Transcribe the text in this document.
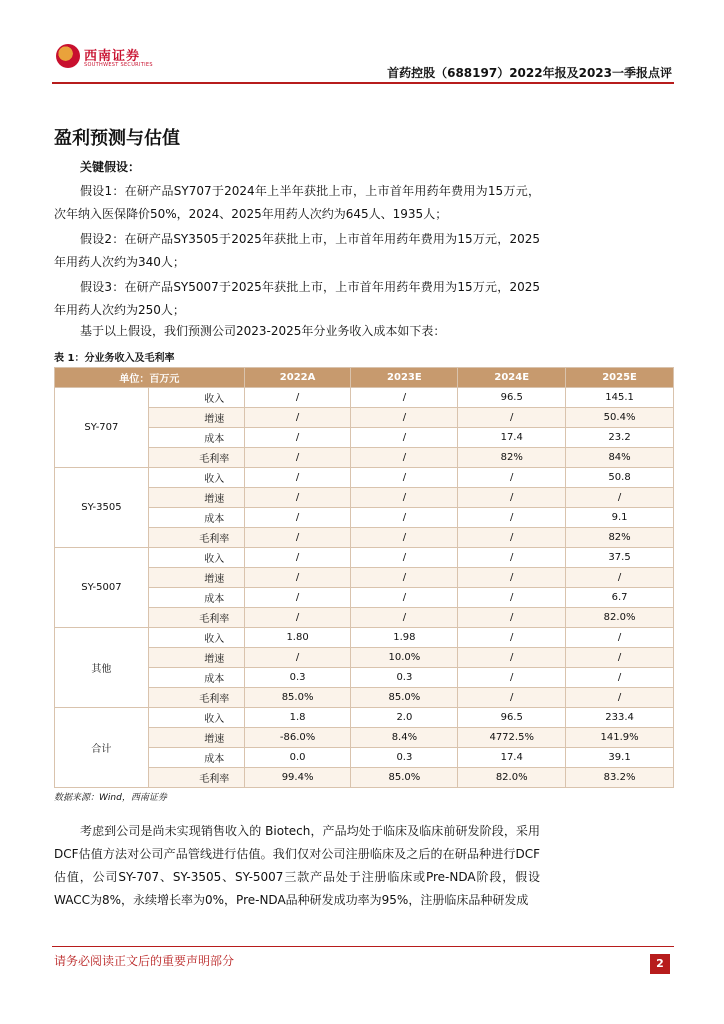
西南证券
SOUTHWEST SECURITIES
首药控股（688197）2022年报及2023一季报点评
盈利预测与估值
关键假设：
假设1：在研产品SY707于2024年上半年获批上市，上市首年用药年费用为15万元，次年纳入医保降价50%，2024、2025年用药人次约为645人、1935人；
假设2：在研产品SY3505于2025年获批上市，上市首年用药年费用为15万元，2025年用药人次约为340人；
假设3：在研产品SY5007于2025年获批上市，上市首年用药年费用为15万元，2025年用药人次约为250人；
基于以上假设，我们预测公司2023-2025年分业务收入成本如下表：
表 1：分业务收入及毛利率
单位：百万元		2022A	2023E	2024E	2025E
SY-707	收入	/	/	96.5	145.1
	增速	/	/	/	50.4%
	成本	/	/	17.4	23.2
	毛利率	/	/	82%	84%
SY-3505	收入	/	/	/	50.8
	增速	/	/	/	/
	成本	/	/	/	9.1
	毛利率	/	/	/	82%
SY-5007	收入	/	/	/	37.5
	增速	/	/	/	/
	成本	/	/	/	6.7
	毛利率	/	/	/	82.0%
其他	收入	1.80	1.98	/	/
	增速	/	10.0%	/	/
	成本	0.3	0.3	/	/
	毛利率	85.0%	85.0%	/	/
合计	收入	1.8	2.0	96.5	233.4
	增速	-86.0%	8.4%	4772.5%	141.9%
	成本	0.0	0.3	17.4	39.1
	毛利率	99.4%	85.0%	82.0%	83.2%
数据来源：Wind，西南证券
考虑到公司是尚未实现销售收入的 Biotech，产品均处于临床及临床前研发阶段，采用DCF估值方法对公司产品管线进行估值。我们仅对公司注册临床及之后的在研品种进行DCF估值，公司SY-707、SY-3505、SY-5007三款产品处于注册临床或Pre-NDA阶段，假设WACC为8%，永续增长率为0%，Pre-NDA品种研发成功率为95%，注册临床品种研发成
请务必阅读正文后的重要声明部分	2
